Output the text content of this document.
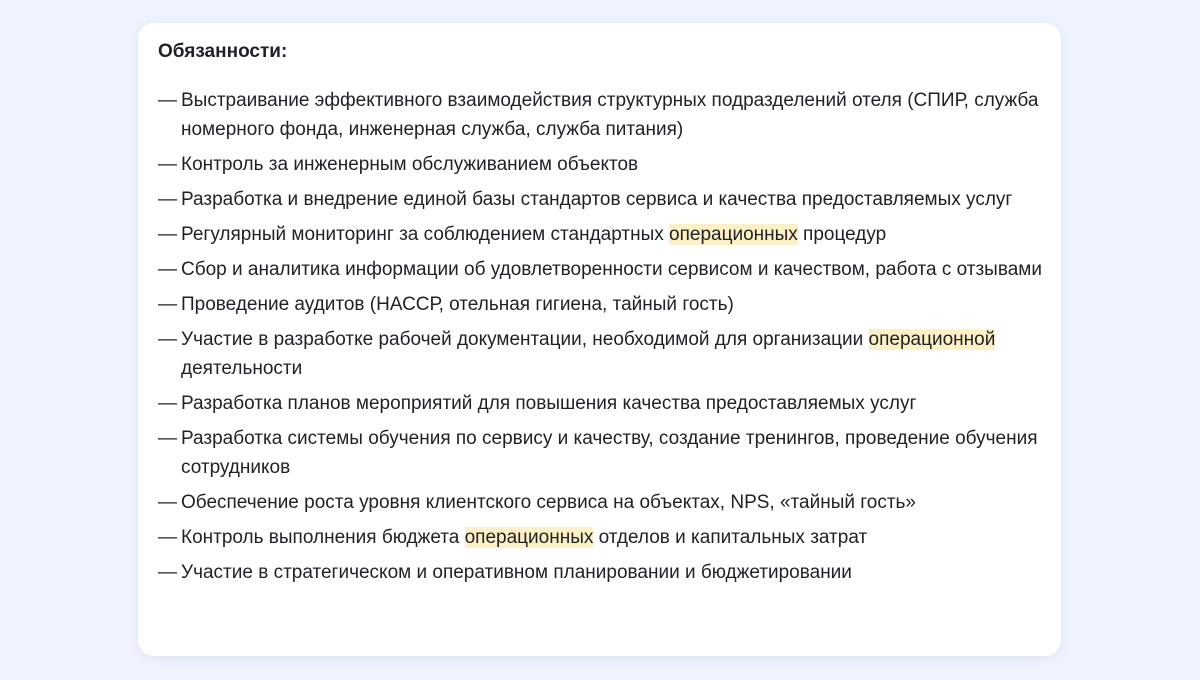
Обязанности:
— Выстраивание эффективного взаимодействия структурных подразделений отеля (СПИР, служба номерного фонда, инженерная служба, служба питания)
— Контроль за инженерным обслуживанием объектов
— Разработка и внедрение единой базы стандартов сервиса и качества предоставляемых услуг
— Регулярный мониторинг за соблюдением стандартных операционных процедур
— Сбор и аналитика информации об удовлетворенности сервисом и качеством, работа с отзывами
— Проведение аудитов (НАССР, отельная гигиена, тайный гость)
— Участие в разработке рабочей документации, необходимой для организации операционной деятельности
— Разработка планов мероприятий для повышения качества предоставляемых услуг
— Разработка системы обучения по сервису и качеству, создание тренингов, проведение обучения сотрудников
— Обеспечение роста уровня клиентского сервиса на объектах, NPS, «тайный гость»
— Контроль выполнения бюджета операционных отделов и капитальных затрат
— Участие в стратегическом и оперативном планировании и бюджетировании
